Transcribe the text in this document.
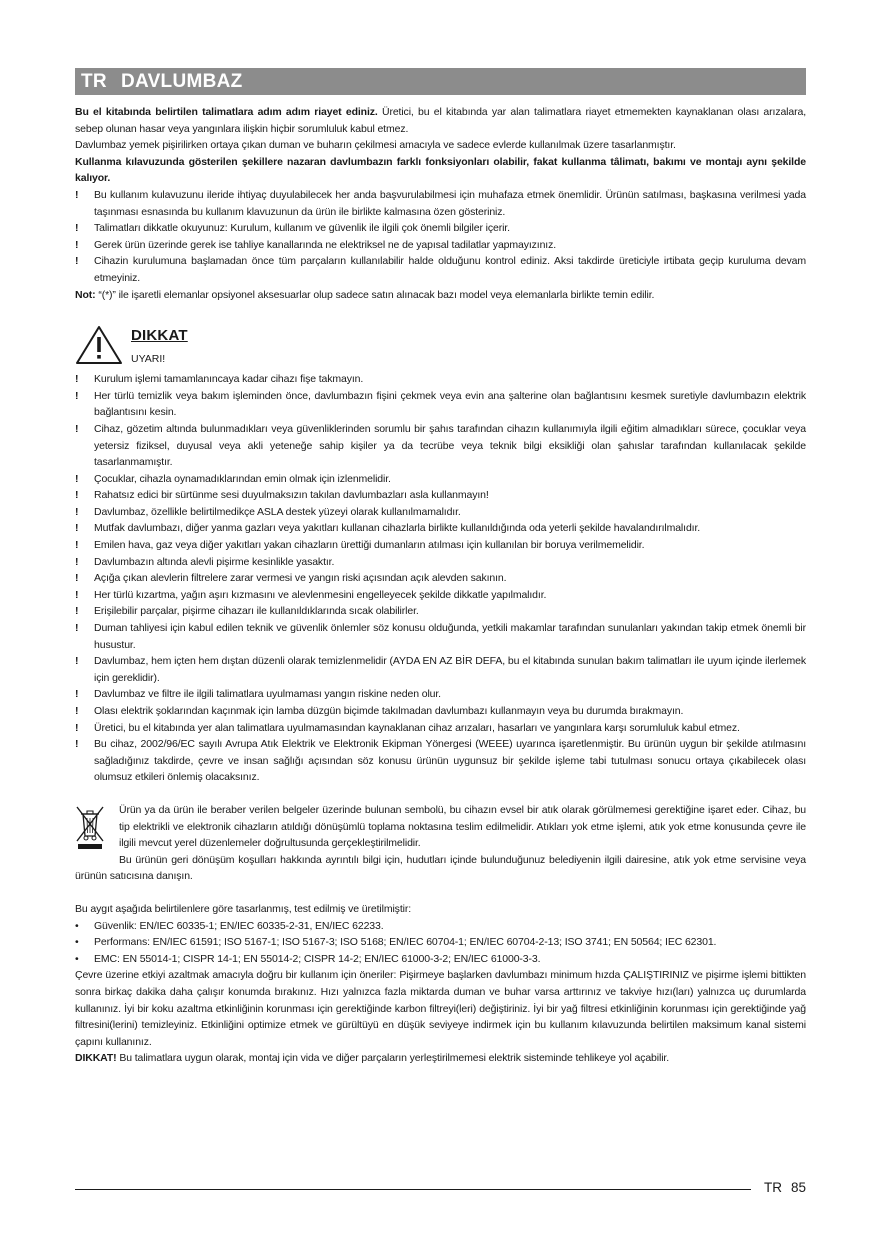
TR DAVLUMBAZ

Bu el kitabında belirtilen talimatlara adım adım riayet ediniz. Üretici, bu el kitabında yar alan talimatlara riayet etmemekten kaynaklanan olası arızalara, sebep olunan hasar veya yangınlara ilişkin hiçbir sorumluluk kabul etmez.

Davlumbaz yemek pişirilirken ortaya çıkan duman ve buharın çekilmesi amacıyla ve sadece evlerde kullanılmak üzere tasarlanmıştır.

Kullanma kılavuzunda gösterilen şekillere nazaran davlumbazın farklı fonksiyonları olabilir, fakat kullanma tâlimatı, bakımı ve montajı aynı şekilde kalıyor.

! Bu kullanım kulavuzunu ileride ihtiyaç duyulabilecek her anda başvurulabilmesi için muhafaza etmek önemlidir. Ürünün satılması, başkasına verilmesi yada taşınması esnasında bu kullanım klavuzunun da ürün ile birlikte kalmasına özen gösteriniz.
! Talimatları dikkatle okuyunuz: Kurulum, kullanım ve güvenlik ile ilgili çok önemli bilgiler içerir.
! Gerek ürün üzerinde gerek ise tahliye kanallarında ne elektriksel ne de yapısal tadilatlar yapmayızınız.
! Cihazin kurulumuna başlamadan önce tüm parçaların kullanılabilir halde olduğunu kontrol ediniz. Aksi takdirde üreticiyle irtibata geçip kuruluma devam etmeyiniz.

Not: “(*)” ile işaretli elemanlar opsiyonel aksesuarlar olup sadece satın alınacak bazı model veya elemanlarla birlikte temin edilir.

DIKKAT
UYARI!
! Kurulum işlemi tamamlanıncaya kadar cihazı fişe takmayın.
! Her türlü temizlik veya bakım işleminden önce, davlumbazın fişini çekmek veya evin ana şalterine olan bağlantısını kesmek suretiyle davlumbazın elektrik bağlantısını kesin.
! Cihaz, gözetim altında bulunmadıkları veya güvenliklerinden sorumlu bir şahıs tarafından cihazın kullanımıyla ilgili eğitim almadıkları sürece, çocuklar veya yetersiz fiziksel, duyusal veya akli yeteneğe sahip kişiler ya da tecrübe veya teknik bilgi eksikliği olan şahıslar tarafından kullanılacak şekilde tasarlanmamıştır.
! Çocuklar, cihazla oynamadıklarından emin olmak için izlenmelidir.
! Rahatsız edici bir sürtünme sesi duyulmaksızın takılan davlumbazları asla kullanmayın!
! Davlumbaz, özellikle belirtilmedikçe ASLA destek yüzeyi olarak kullanılmamalıdır.
! Mutfak davlumbazı, diğer yanma gazları veya yakıtları kullanan cihazlarla birlikte kullanıldığında oda yeterli şekilde havalandırılmalıdır.
! Emilen hava, gaz veya diğer yakıtları yakan cihazların ürettiği dumanların atılması için kullanılan bir boruya verilmemelidir.
! Davlumbazın altında alevli pişirme kesinlikle yasaktır.
! Açığa çıkan alevlerin filtrelere zarar vermesi ve yangın riski açısından açık alevden sakının.
! Her türlü kızartma, yağın aşırı kızmasını ve alevlenmesini engelleyecek şekilde dikkatle yapılmalıdır.
! Erişilebilir parçalar, pişirme cihazarı ile kullanıldıklarında sıcak olabilirler.
! Duman tahliyesi için kabul edilen teknik ve güvenlik önlemler söz konusu olduğunda, yetkili makamlar tarafından sunulanları yakından takip etmek önemli bir husustur.
! Davlumbaz, hem içten hem dıştan düzenli olarak temizlenmelidir (AYDA EN AZ BİR DEFA, bu el kitabında sunulan bakım talimatları ile uyum içinde ilerlemek için gereklidir).
! Davlumbaz ve filtre ile ilgili talimatlara uyulmaması yangın riskine neden olur.
! Olası elektrik şoklarından kaçınmak için lamba düzgün biçimde takılmadan davlumbazı kullanmayın veya bu durumda bırakmayın.
! Üretici, bu el kitabında yer alan talimatlara uyulmamasından kaynaklanan cihaz arızaları, hasarları ve yangınlara karşı sorumluluk kabul etmez.
! Bu cihaz, 2002/96/EC sayılı Avrupa Atık Elektrik ve Elektronik Ekipman Yönergesi (WEEE) uyarınca işaretlenmiştir. Bu ürünün uygun bir şekilde atılmasını sağladığınız takdirde, çevre ve insan sağlığı açısından söz konusu ürünün uygunsuz bir şekilde işleme tabi tutulması sonucu ortaya çıkabilecek olası olumsuz etkileri önlemiş olacaksınız.

Ürün ya da ürün ile beraber verilen belgeler üzerinde bulunan sembolü, bu cihazın evsel bir atık olarak görülmemesi gerektiğine işaret eder. Cihaz, bu tip elektrikli ve elektronik cihazların atıldığı dönüşümlü toplama noktasına teslim edilmelidir. Atıkları yok etme işlemi, atık yok etme konusunda çevre ile ilgili mevcut yerel düzenlemeler doğrultusunda gerçekleştirilmelidir.

Bu ürünün geri dönüşüm koşulları hakkında ayrıntılı bilgi için, hudutları içinde bulunduğunuz belediyenin ilgili dairesine, atık yok etme servisine veya ürünün satıcısına danışın.

Bu aygıt aşağıda belirtilenlere göre tasarlanmış, test edilmiş ve üretilmiştir:

• Güvenlik: EN/IEC 60335-1; EN/IEC 60335-2-31, EN/IEC 62233.
• Performans: EN/IEC 61591; ISO 5167-1; ISO 5167-3; ISO 5168; EN/IEC 60704-1; EN/IEC 60704-2-13; ISO 3741; EN 50564; IEC 62301.
• EMC: EN 55014-1; CISPR 14-1; EN 55014-2; CISPR 14-2; EN/IEC 61000-3-2; EN/IEC 61000-3-3.

Çevre üzerine etkiyi azaltmak amacıyla doğru bir kullanım için öneriler: Pişirmeye başlarken davlumbazı minimum hızda ÇALIŞTIRINIZ ve pişirme işlemi bittikten sonra birkaç dakika daha çalışır konumda bırakınız. Hızı yalnızca fazla miktarda duman ve buhar varsa arttırınız ve takviye hızı(ları) yalnızca uç durumlarda kullanınız. İyi bir koku azaltma etkinliğinin korunması için gerektiğinde karbon filtreyi(leri) değiştiriniz. İyi bir yağ filtresi etkinliğinin korunması için gerektiğinde yağ filtresini(lerini) temizleyiniz. Etkinliğini optimize etmek ve gürültüyü en düşük seviyeye indirmek için bu kullanım kılavuzunda belirtilen maksimum kanal sistemi çapını kullanınız.

DIKKAT! Bu talimatlara uygun olarak, montaj için vida ve diğer parçaların yerleştirilmemesi elektrik sisteminde tehlikeye yol açabilir.

TR 85
